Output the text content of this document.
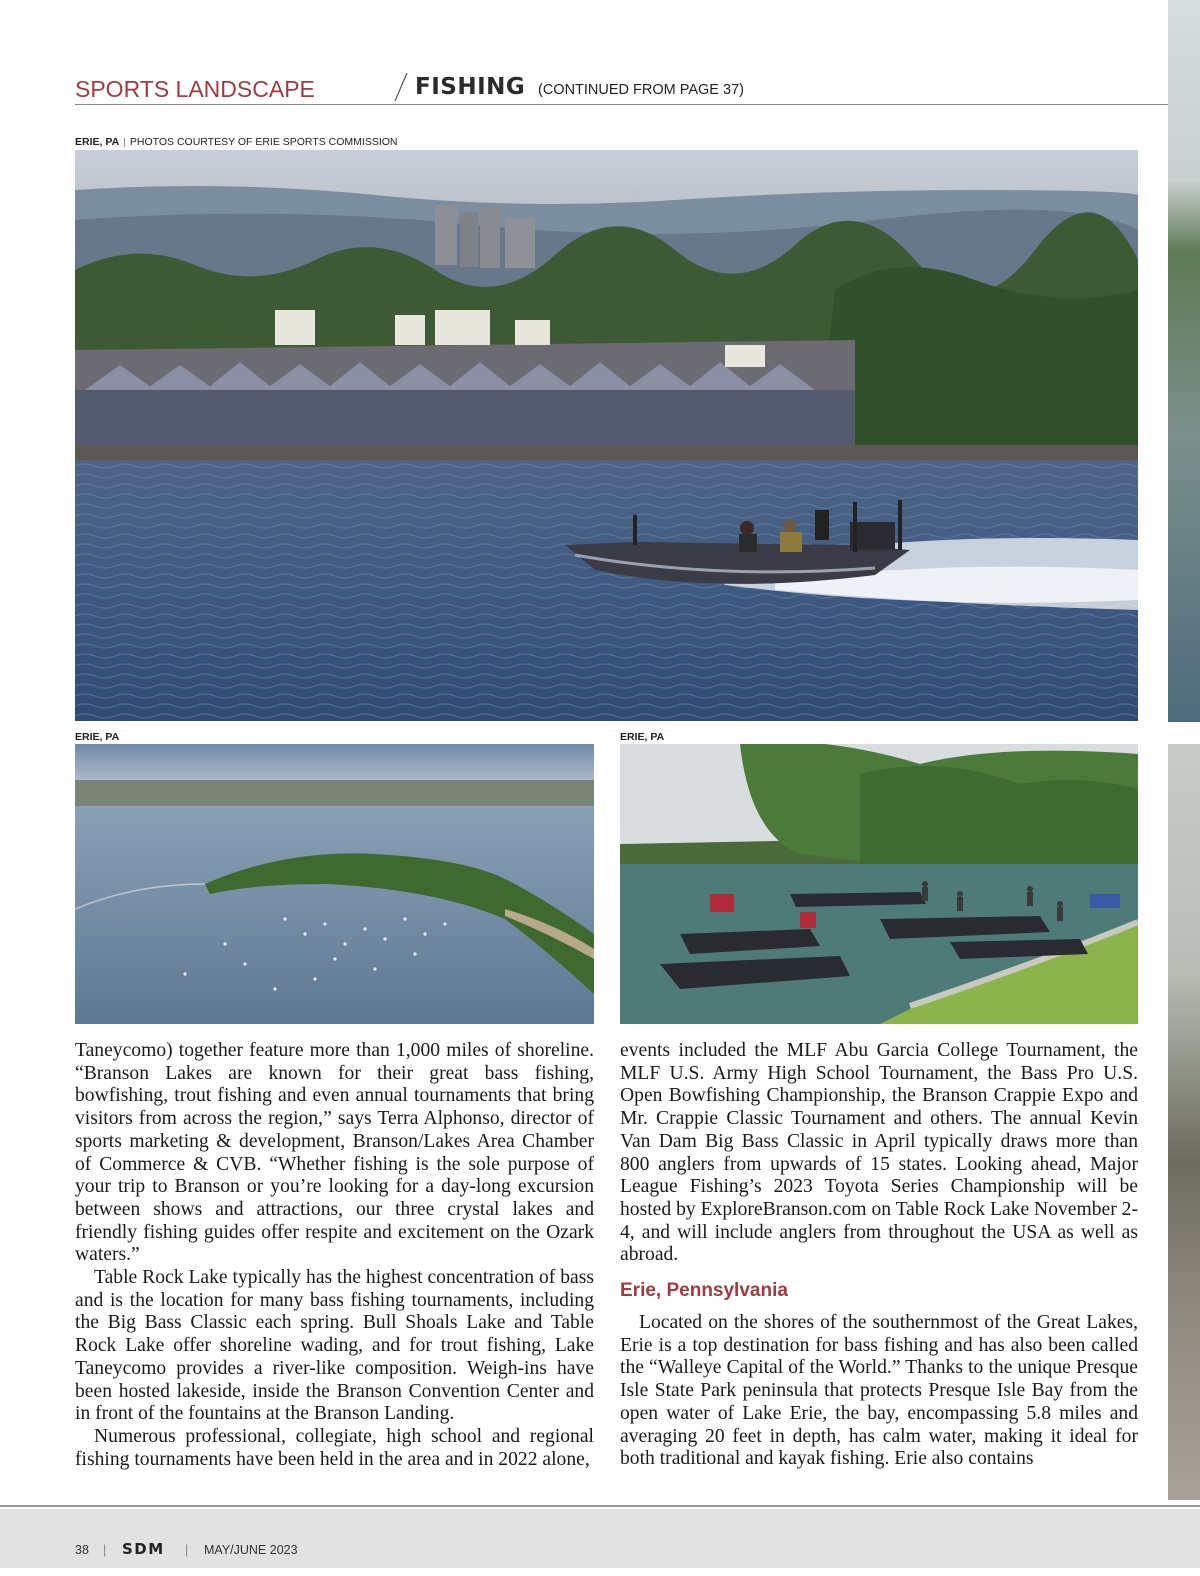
SPORTS LANDSCAPE	FISHING (CONTINUED FROM PAGE 37)
ERIE, PA | PHOTOS COURTESY OF ERIE SPORTS COMMISSION
ERIE, PA	ERIE, PA

Taneycomo) together feature more than 1,000 miles of shoreline. “Branson Lakes are known for their great bass fishing, bowfishing, trout fishing and even annual tournaments that bring visitors from across the region,” says Terra Alphonso, director of sports marketing & development, Branson/Lakes Area Chamber of Commerce & CVB. “Whether fishing is the sole purpose of your trip to Branson or you’re looking for a day-long excursion between shows and attractions, our three crystal lakes and friendly fishing guides offer respite and excitement on the Ozark waters.”

Table Rock Lake typically has the highest concentration of bass and is the location for many bass fishing tournaments, including the Big Bass Classic each spring. Bull Shoals Lake and Table Rock Lake offer shoreline wading, and for trout fishing, Lake Taneycomo provides a river-like composition. Weigh-ins have been hosted lakeside, inside the Branson Convention Center and in front of the fountains at the Branson Landing.

Numerous professional, collegiate, high school and regional fishing tournaments have been held in the area and in 2022 alone,

events included the MLF Abu Garcia College Tournament, the MLF U.S. Army High School Tournament, the Bass Pro U.S. Open Bowfishing Championship, the Branson Crappie Expo and Mr. Crappie Classic Tournament and others. The annual Kevin Van Dam Big Bass Classic in April typically draws more than 800 anglers from upwards of 15 states. Looking ahead, Major League Fishing’s 2023 Toyota Series Championship will be hosted by ExploreBranson.com on Table Rock Lake November 2-4, and will include anglers from throughout the USA as well as abroad.

Erie, Pennsylvania

Located on the shores of the southernmost of the Great Lakes, Erie is a top destination for bass fishing and has also been called the “Walleye Capital of the World.” Thanks to the unique Presque Isle State Park peninsula that protects Presque Isle Bay from the open water of Lake Erie, the bay, encompassing 5.8 miles and averaging 20 feet in depth, has calm water, making it ideal for both traditional and kayak fishing. Erie also contains

38 | SDM | MAY/JUNE 2023
